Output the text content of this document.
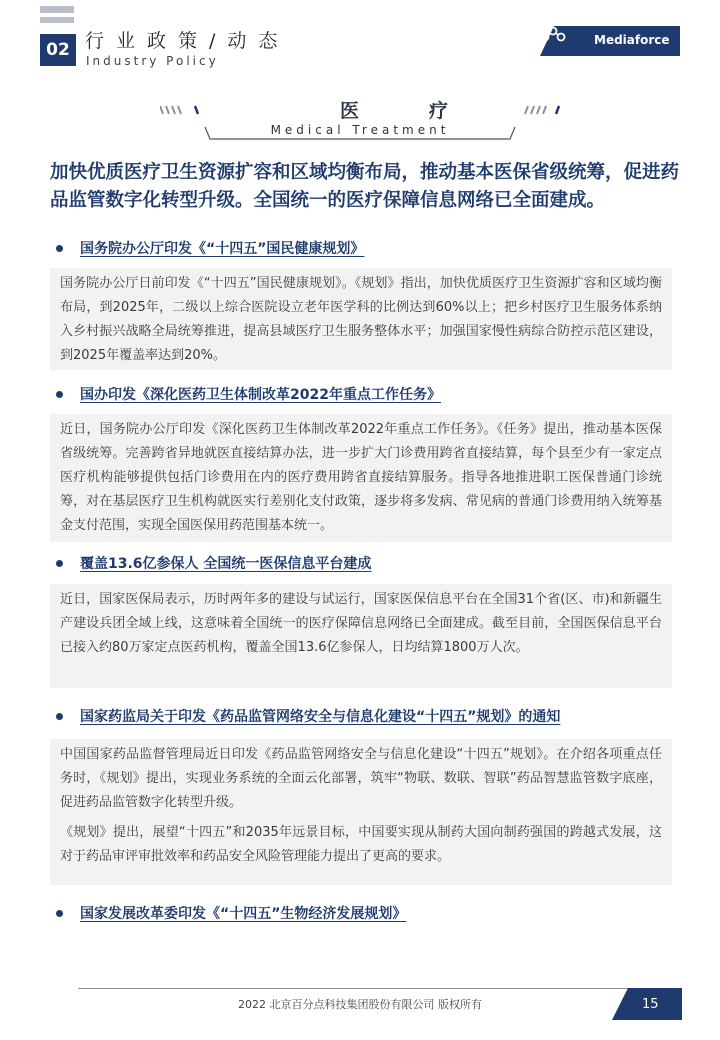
02 行业政策/动态
Industry Policy
Mediaforce
医疗
Medical Treatment
加快优质医疗卫生资源扩容和区域均衡布局，推动基本医保省级统筹，促进药品监管数字化转型升级。全国统一的医疗保障信息网络已全面建成。
国务院办公厅印发《“十四五”国民健康规划》

国务院办公厅日前印发《“十四五”国民健康规划》。《规划》指出，加快优质医疗卫生资源扩容和区域均衡布局，到2025年，二级以上综合医院设立老年医学科的比例达到60%以上；把乡村医疗卫生服务体系纳入乡村振兴战略全局统筹推进，提高县域医疗卫生服务整体水平；加强国家慢性病综合防控示范区建设，到2025年覆盖率达到20%。

国办印发《深化医药卫生体制改革2022年重点工作任务》

近日，国务院办公厅印发《深化医药卫生体制改革2022年重点工作任务》。《任务》提出，推动基本医保省级统筹。完善跨省异地就医直接结算办法，进一步扩大门诊费用跨省直接结算，每个县至少有一家定点医疗机构能够提供包括门诊费用在内的医疗费用跨省直接结算服务。指导各地推进职工医保普通门诊统筹，对在基层医疗卫生机构就医实行差别化支付政策，逐步将多发病、常见病的普通门诊费用纳入统筹基金支付范围，实现全国医保用药范围基本统一。

覆盖13.6亿参保人 全国统一医保信息平台建成

近日，国家医保局表示，历时两年多的建设与试运行，国家医保信息平台在全国31个省(区、市)和新疆生产建设兵团全域上线，这意味着全国统一的医疗保障信息网络已全面建成。截至目前，全国医保信息平台已接入约80万家定点医药机构，覆盖全国13.6亿参保人，日均结算1800万人次。

国家药监局关于印发《药品监管网络安全与信息化建设“十四五”规划》的通知

中国国家药品监督管理局近日印发《药品监管网络安全与信息化建设“十四五”规划》。在介绍各项重点任务时，《规划》提出，实现业务系统的全面云化部署，筑牢“物联、数联、智联”药品智慧监管数字底座，促进药品监管数字化转型升级。

《规划》提出，展望“十四五”和2035年远景目标，中国要实现从制药大国向制药强国的跨越式发展，这对于药品审评审批效率和药品安全风险管理能力提出了更高的要求。

国家发展改革委印发《“十四五”生物经济发展规划》
2022 北京百分点科技集团股份有限公司 版权所有	15
